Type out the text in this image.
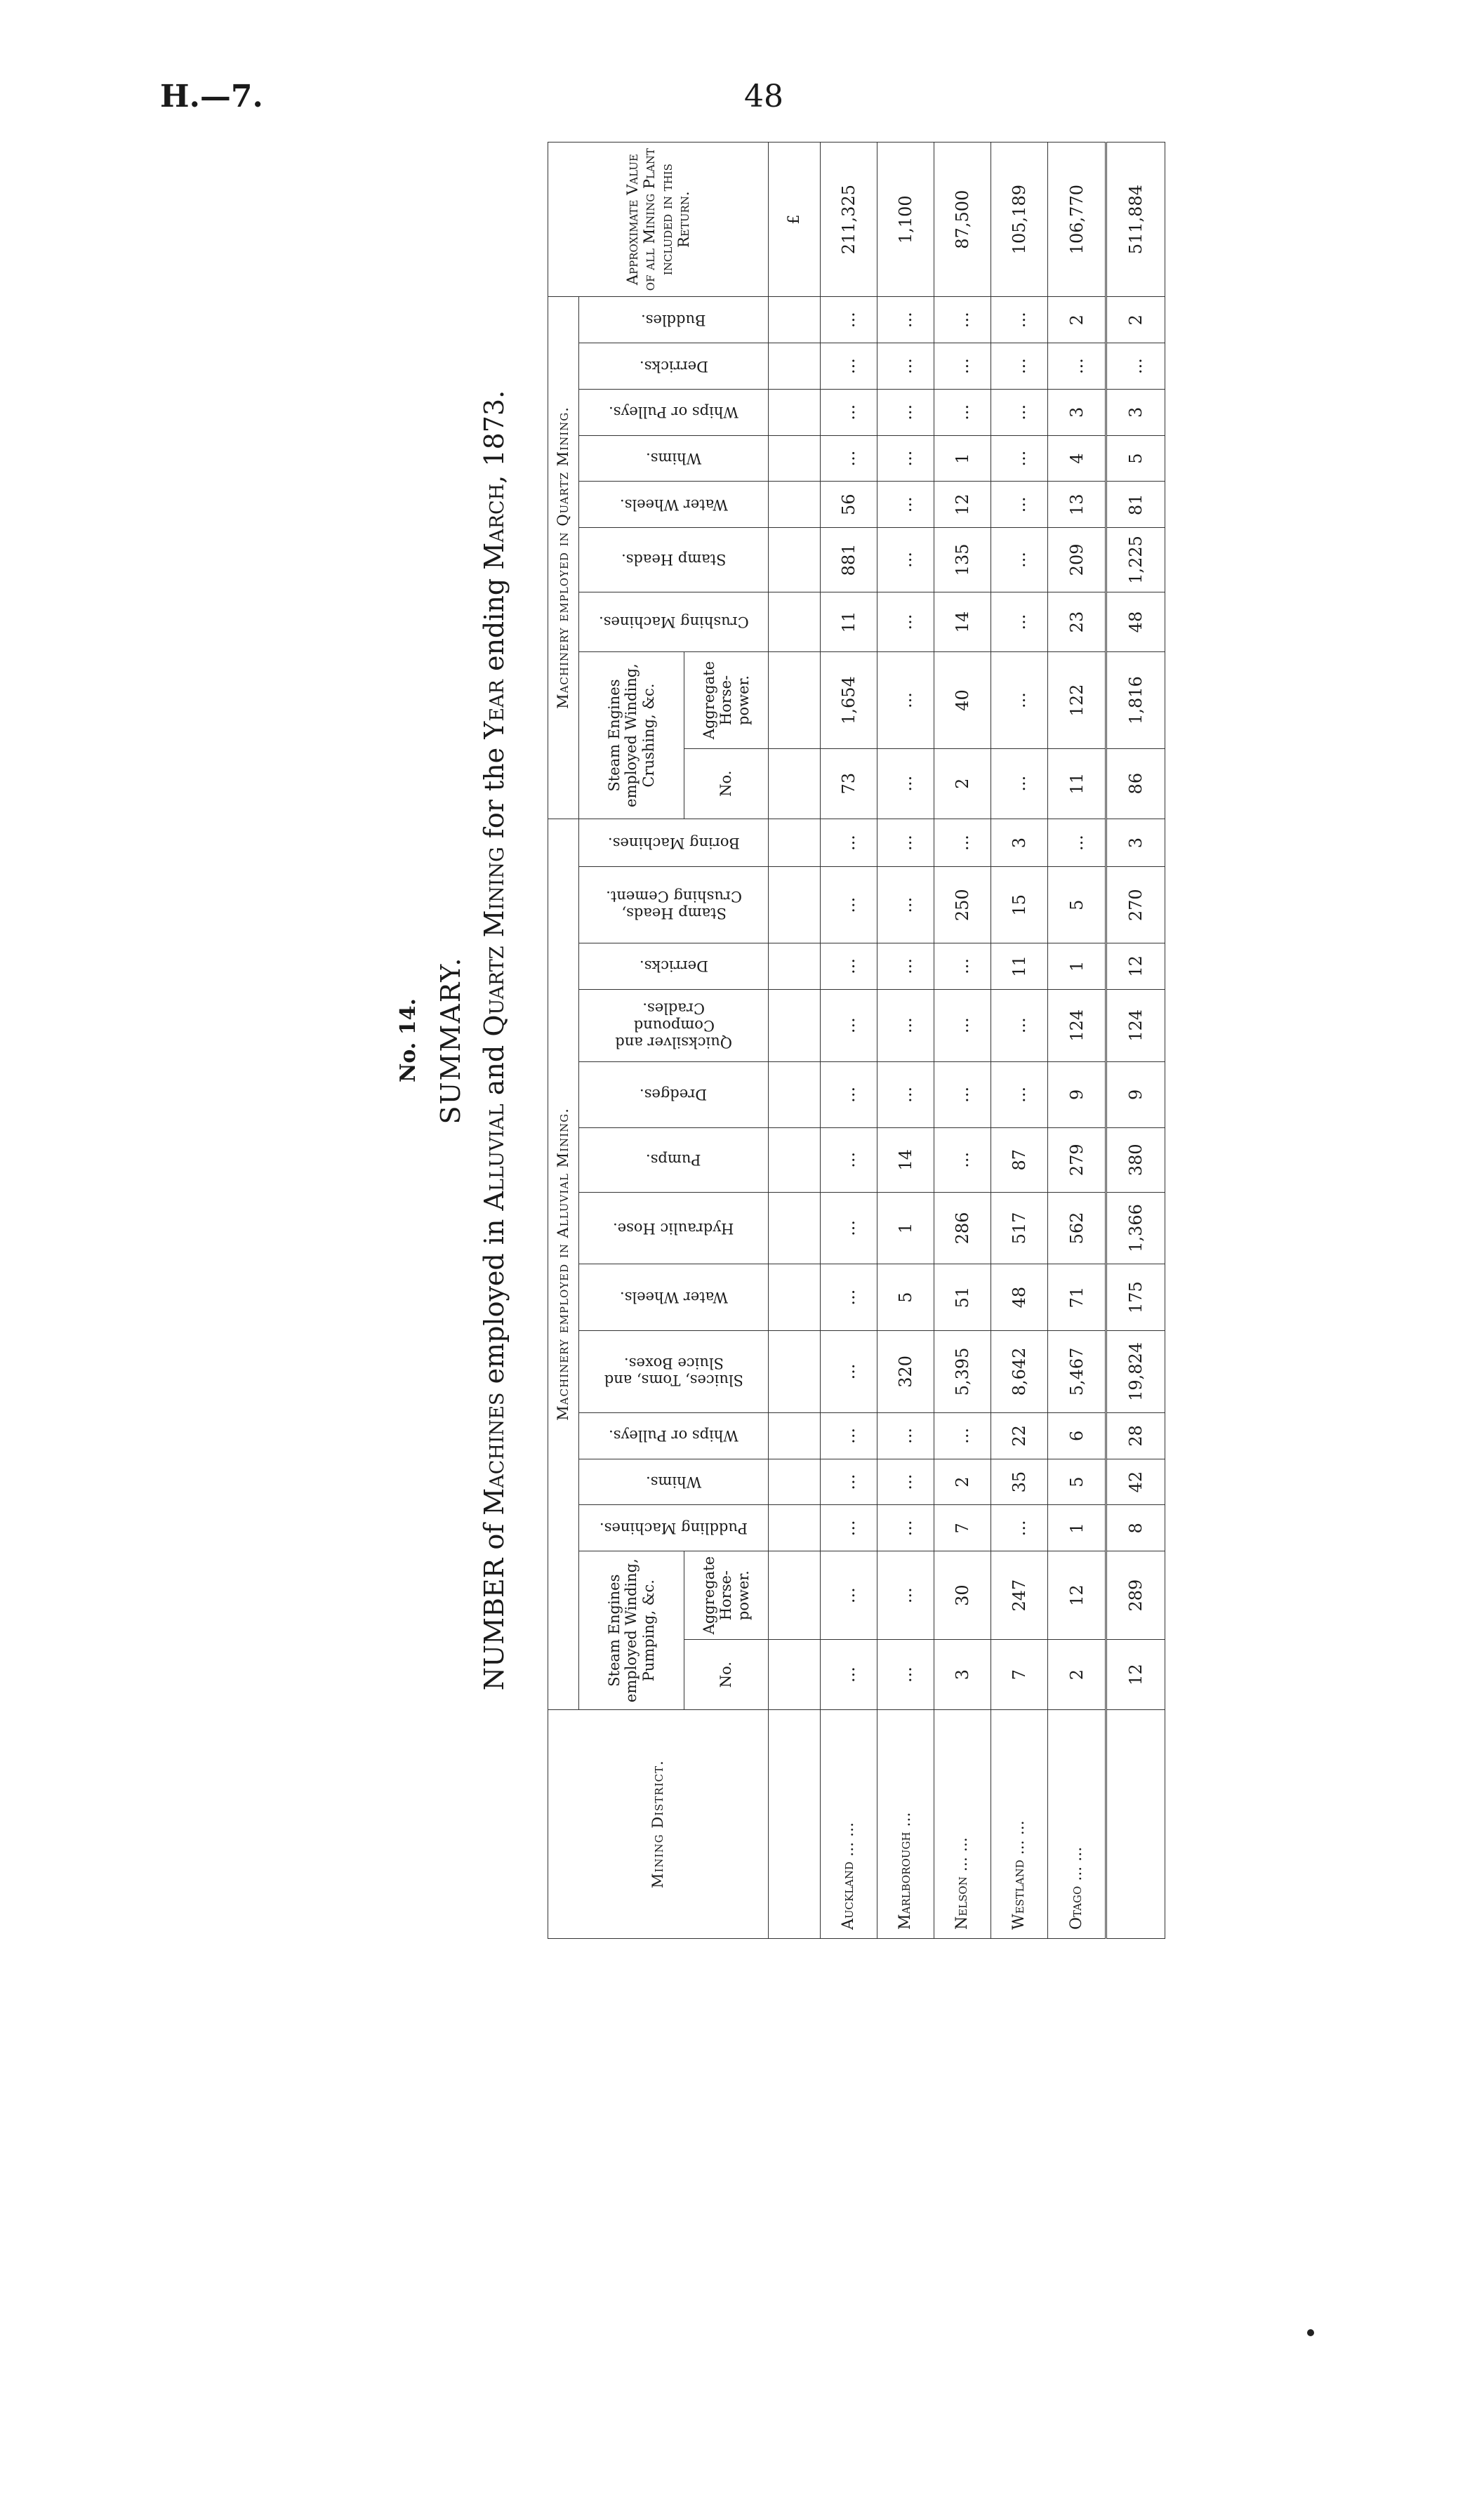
H.—7.	48
No. 14. SUMMARY.
NUMBER of Machines employed in Alluvial and Quartz Mining for the Year ending March, 1873.
Mining District.	Machinery employed in Alluvial Mining.														Machinery employed in Quartz Mining.									Approximate Value of all Mining Plant included in this Return.
	Steam Engines employed Winding, Pumping, &c.		Puddling Machines.	Whims.	Whips or Pulleys.	Sluices, Toms, and Sluice Boxes.	Water Wheels.	Hydraulic Hose.	Pumps.	Dredges.	Quicksilver and Compound Cradles.	Derricks.	Stamp Heads, Crushing Cement.	Boring Machines.	Steam Engines employed Winding, Crushing, &c.		Crushing Machines.	Stamp Heads.	Water Wheels.	Whims.	Whips or Pulleys.	Derricks.	Buddles.	

	No.	Aggregate Horse-power.													No.	Aggregate Horse-power.								
																								£
Auckland ... ...	...	...	...	...	...	...	...	...	...	...	...	...	...	...	73	1,654	11	881	56	...	...	...	...	211,325
Marlborough ...	...	...	...	...	...	320	5	1	14	...	...	...	...	...	...	...	...	...	...	...	...	...	...	1,100
Nelson ... ...	3	30	7	2	...	5,395	51	286	...	...	...	...	250	...	2	40	14	135	12	1	...	...	...	87,500
Westland ... ...	7	247	...	35	22	8,642	48	517	87	...	...	11	15	3	...	...	...	...	...	...	...	...	...	105,189
Otago ... ...	2	12	1	5	6	5,467	71	562	279	9	124	1	5	...	11	122	23	209	13	4	3	...	2	106,770
	12	289	8	42	28	19,824	175	1,366	380	9	124	12	270	3	86	1,816	48	1,225	81	5	3	...	2	511,884
